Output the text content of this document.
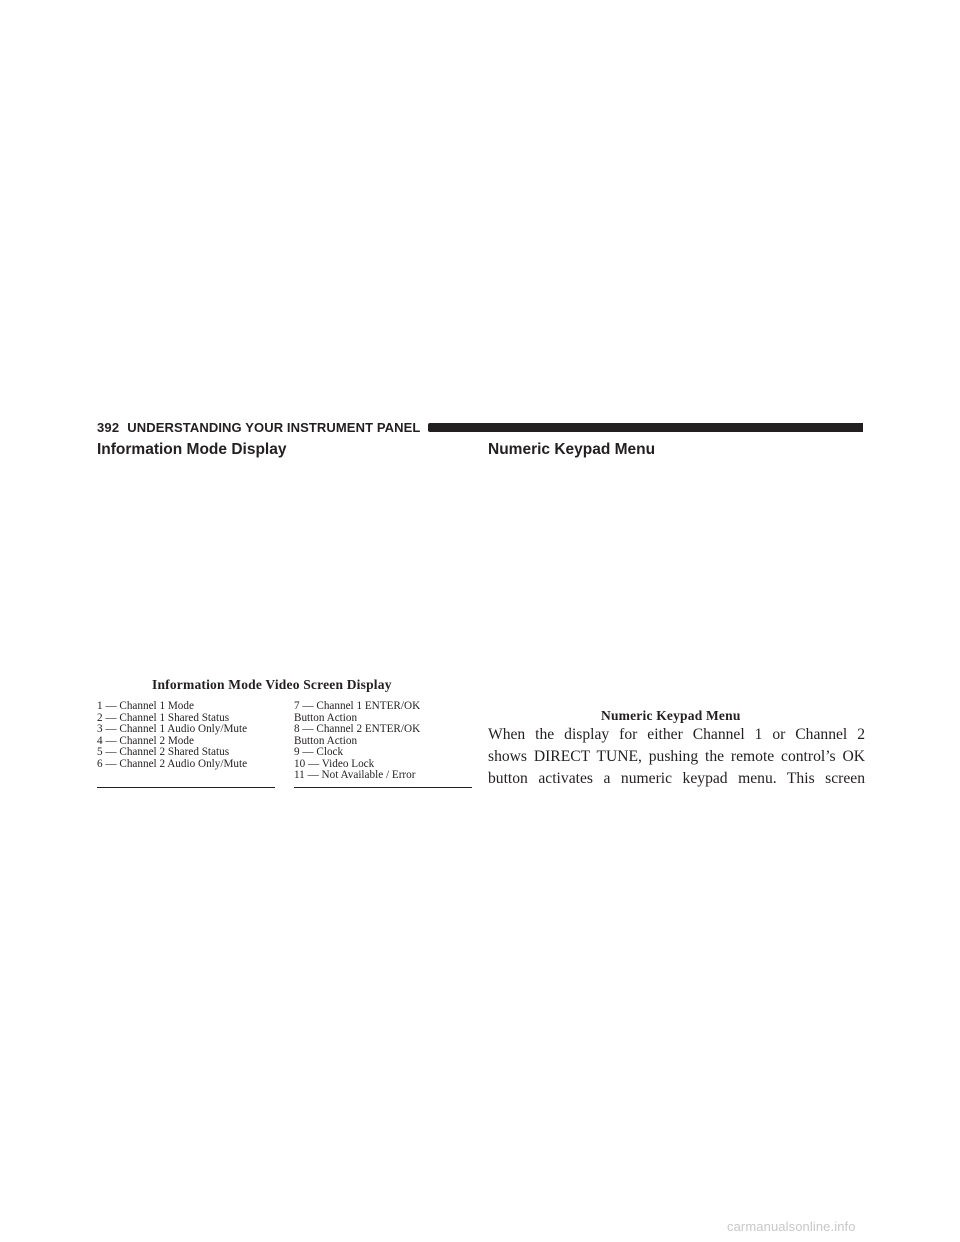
392 UNDERSTANDING YOUR INSTRUMENT PANEL
Information Mode Display	Numeric Keypad Menu
Information Mode Video Screen Display
1 — Channel 1 Mode
2 — Channel 1 Shared Status
3 — Channel 1 Audio Only/Mute
4 — Channel 2 Mode
5 — Channel 2 Shared Status
6 — Channel 2 Audio Only/Mute
7 — Channel 1 ENTER/OK
Button Action
8 — Channel 2 ENTER/OK
Button Action
9 — Clock
10 — Video Lock
11 — Not Available / Error
Numeric Keypad Menu
When the display for either Channel 1 or Channel 2
shows DIRECT TUNE, pushing the remote control’s OK
button activates a numeric keypad menu. This screen
carmanualsonline.info
